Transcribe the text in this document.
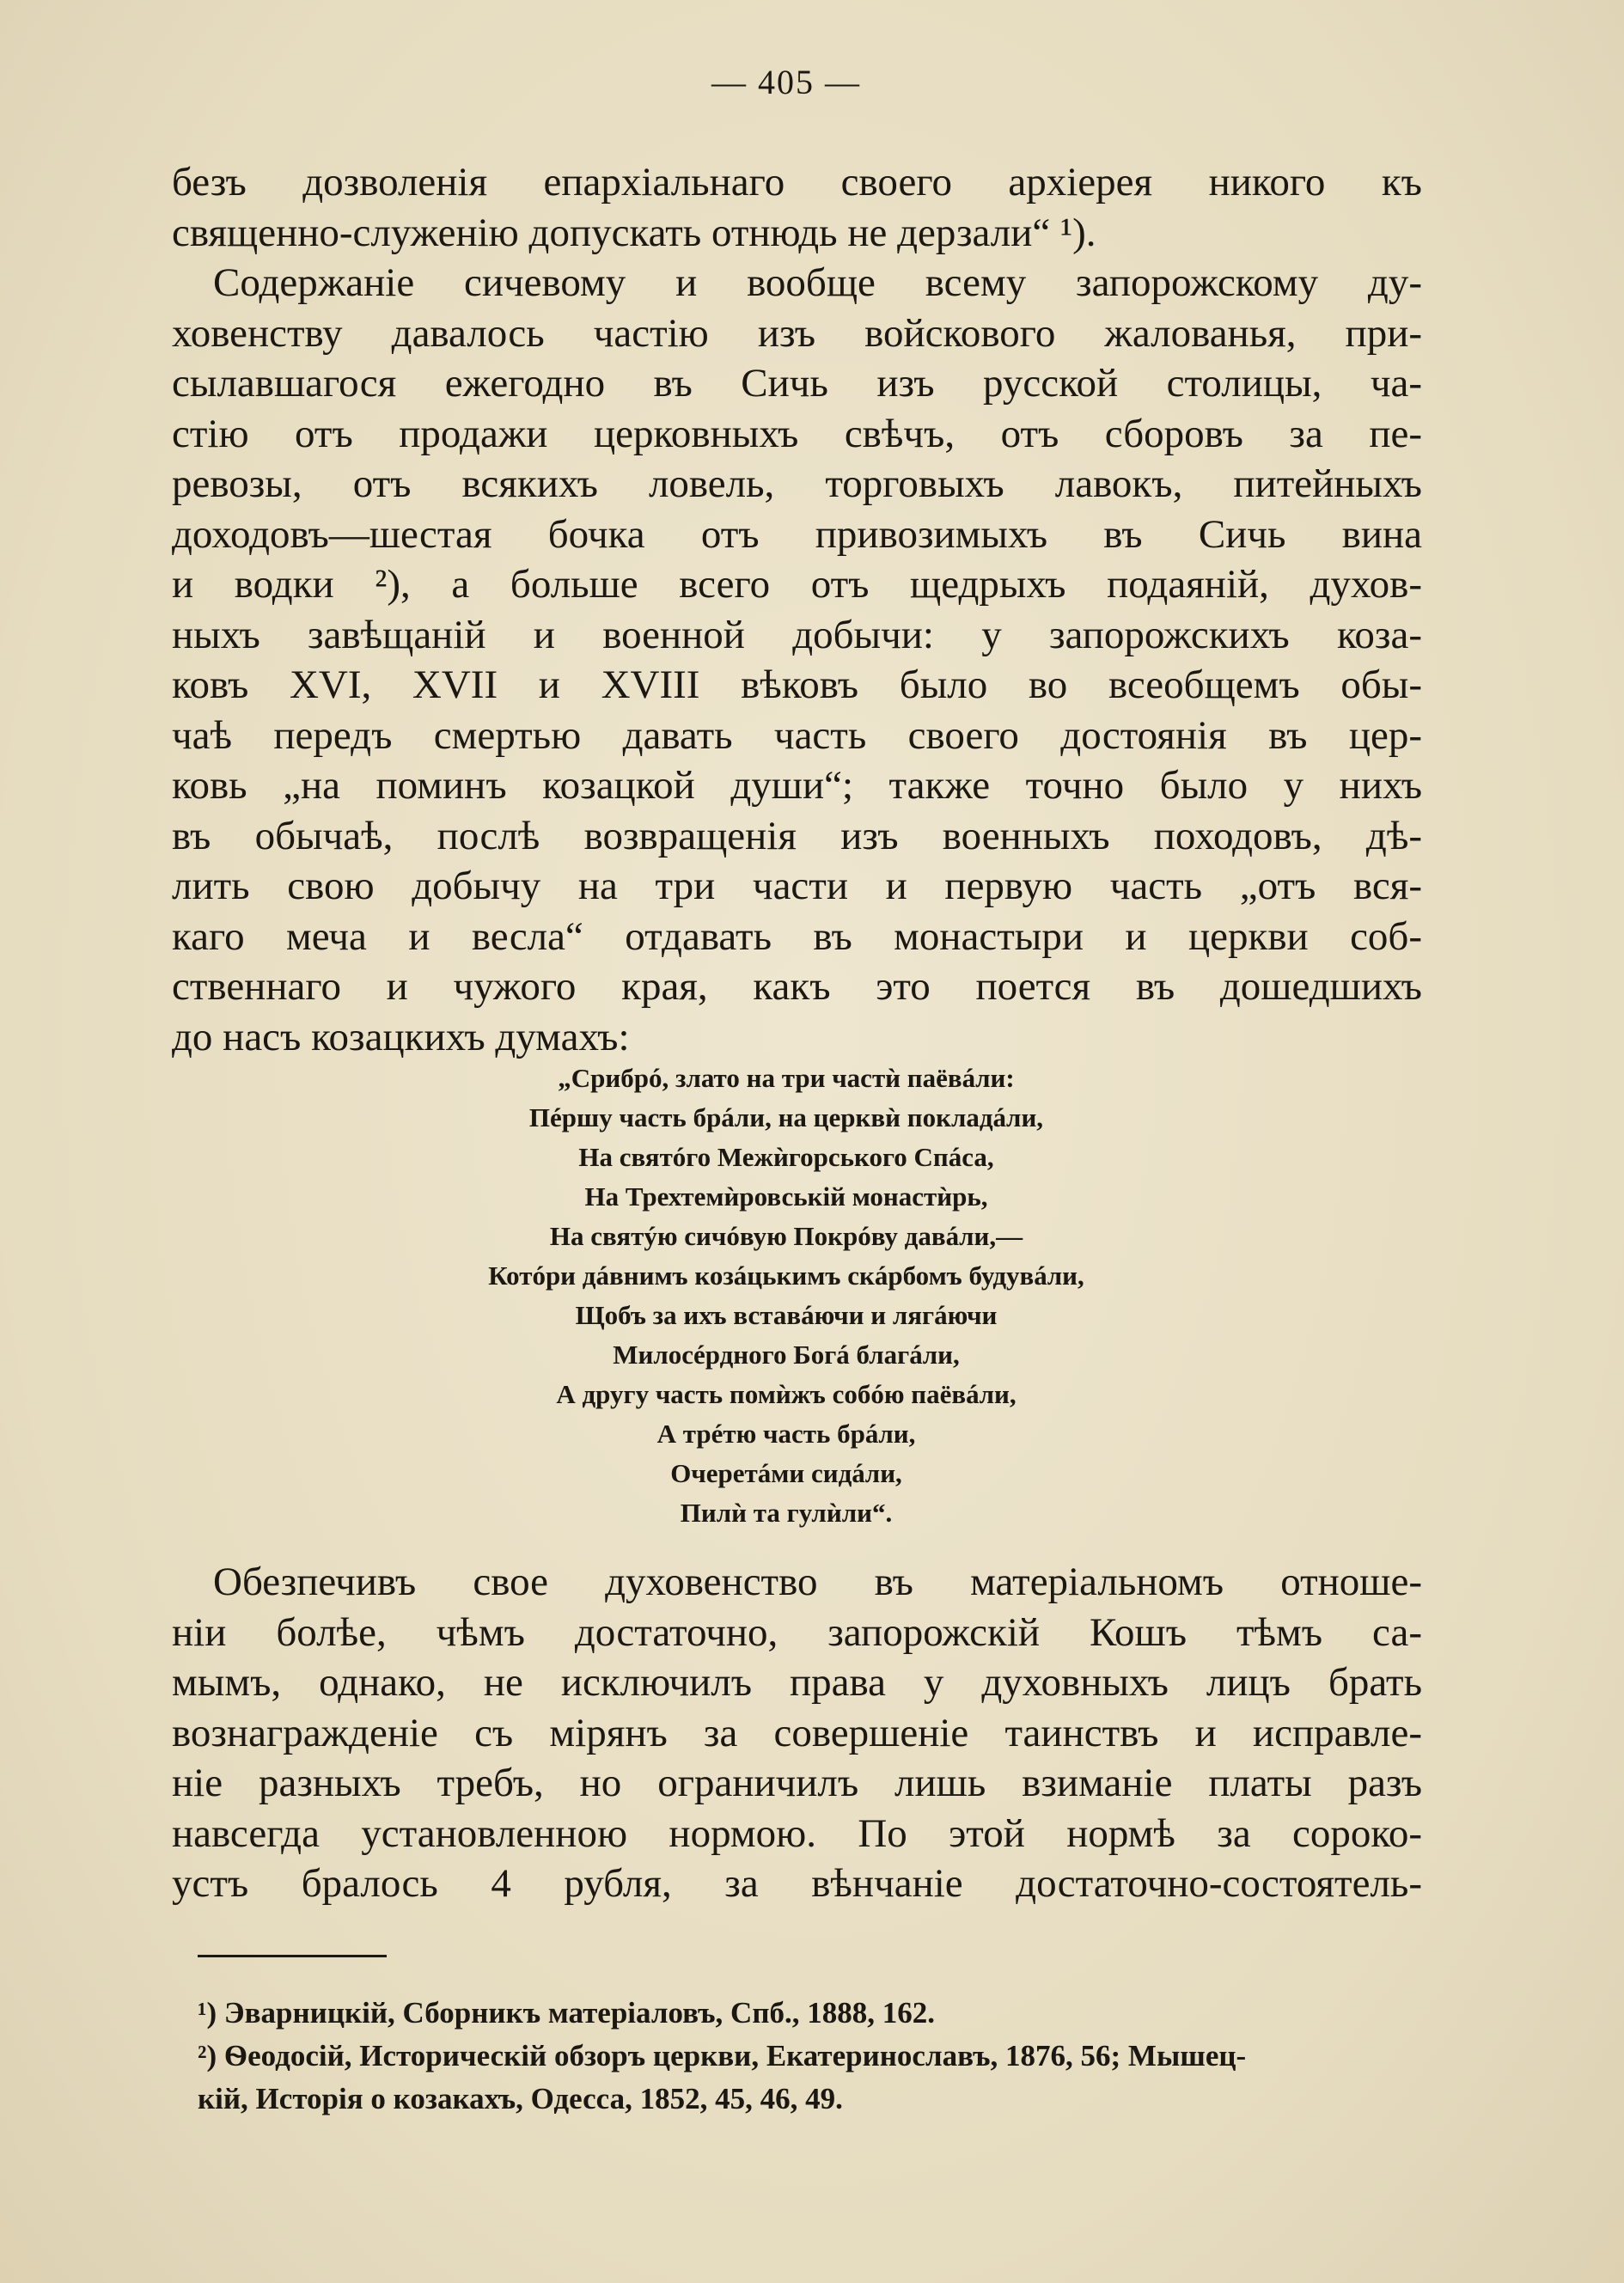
— 405 —

безъ дозволенія епархіальнаго своего архіерея никого къ

священно-служенію допускать отнюдь не дерзали“ ¹).

Содержаніе сичевому и вообще всему запорожскому ду-

ховенству давалось частію изъ войскового жалованья, при-

сылавшагося ежегодно въ Сичь изъ русской столицы, ча-

стію отъ продажи церковныхъ свѣчъ, отъ сборовъ за пе-

ревозы, отъ всякихъ ловель, торговыхъ лавокъ, питейныхъ

доходовъ—шестая бочка отъ привозимыхъ въ Сичь вина

и водки ²), а больше всего отъ щедрыхъ подаяній, духов-

ныхъ завѣщаній и военной добычи: у запорожскихъ коза-

ковъ XVI, XVII и XVIII вѣковъ было во всеобщемъ обы-

чаѣ передъ смертью давать часть своего достоянія въ цер-

ковь „на поминъ козацкой души“; также точно было у нихъ

въ обычаѣ, послѣ возвращенія изъ военныхъ походовъ, дѣ-

лить свою добычу на три части и первую часть „отъ вся-

каго меча и весла“ отдавать въ монастыри и церкви соб-

ственнаго и чужого края, какъ это поется въ дошедшихъ

до насъ козацкихъ думахъ:

„Срибрó, злато на три частѝ паёвáли:
Пéршу часть брáли, на церквѝ покладáли,
На святóго Межѝгорського Спáса,
На Трехтемѝровській монастѝрь,
На святýю сичóвую Покрóву давáли,—
Котóри дáвнимъ козáцькимъ скáрбомъ будувáли,
Щобъ за ихъ вставáючи и лягáючи
Милосéрдного Богá благáли,
А другу часть помѝжъ собóю паёвáли,
А трéтю часть брáли,
Очеретáми сидáли,
Пилѝ та гулѝли“.

Обезпечивъ свое духовенство въ матеріальномъ отноше-

ніи болѣе, чѣмъ достаточно, запорожскій Кошъ тѣмъ са-

мымъ, однако, не исключилъ права у духовныхъ лицъ брать

вознагражденіе съ мірянъ за совершеніе таинствъ и исправле-

ніе разныхъ требъ, но ограничилъ лишь взиманіе платы разъ

навсегда установленною нормою. По этой нормѣ за сороко-

устъ бралось 4 рубля, за вѣнчаніе достаточно-состоятель-

¹) Эварницкій, Сборникъ матеріаловъ, Спб., 1888, 162.
²) Ѳеодосій, Историческій обзоръ церкви, Екатеринославъ, 1876, 56; Мышец-
кій, Исторія о козакахъ, Одесса, 1852, 45, 46, 49.
